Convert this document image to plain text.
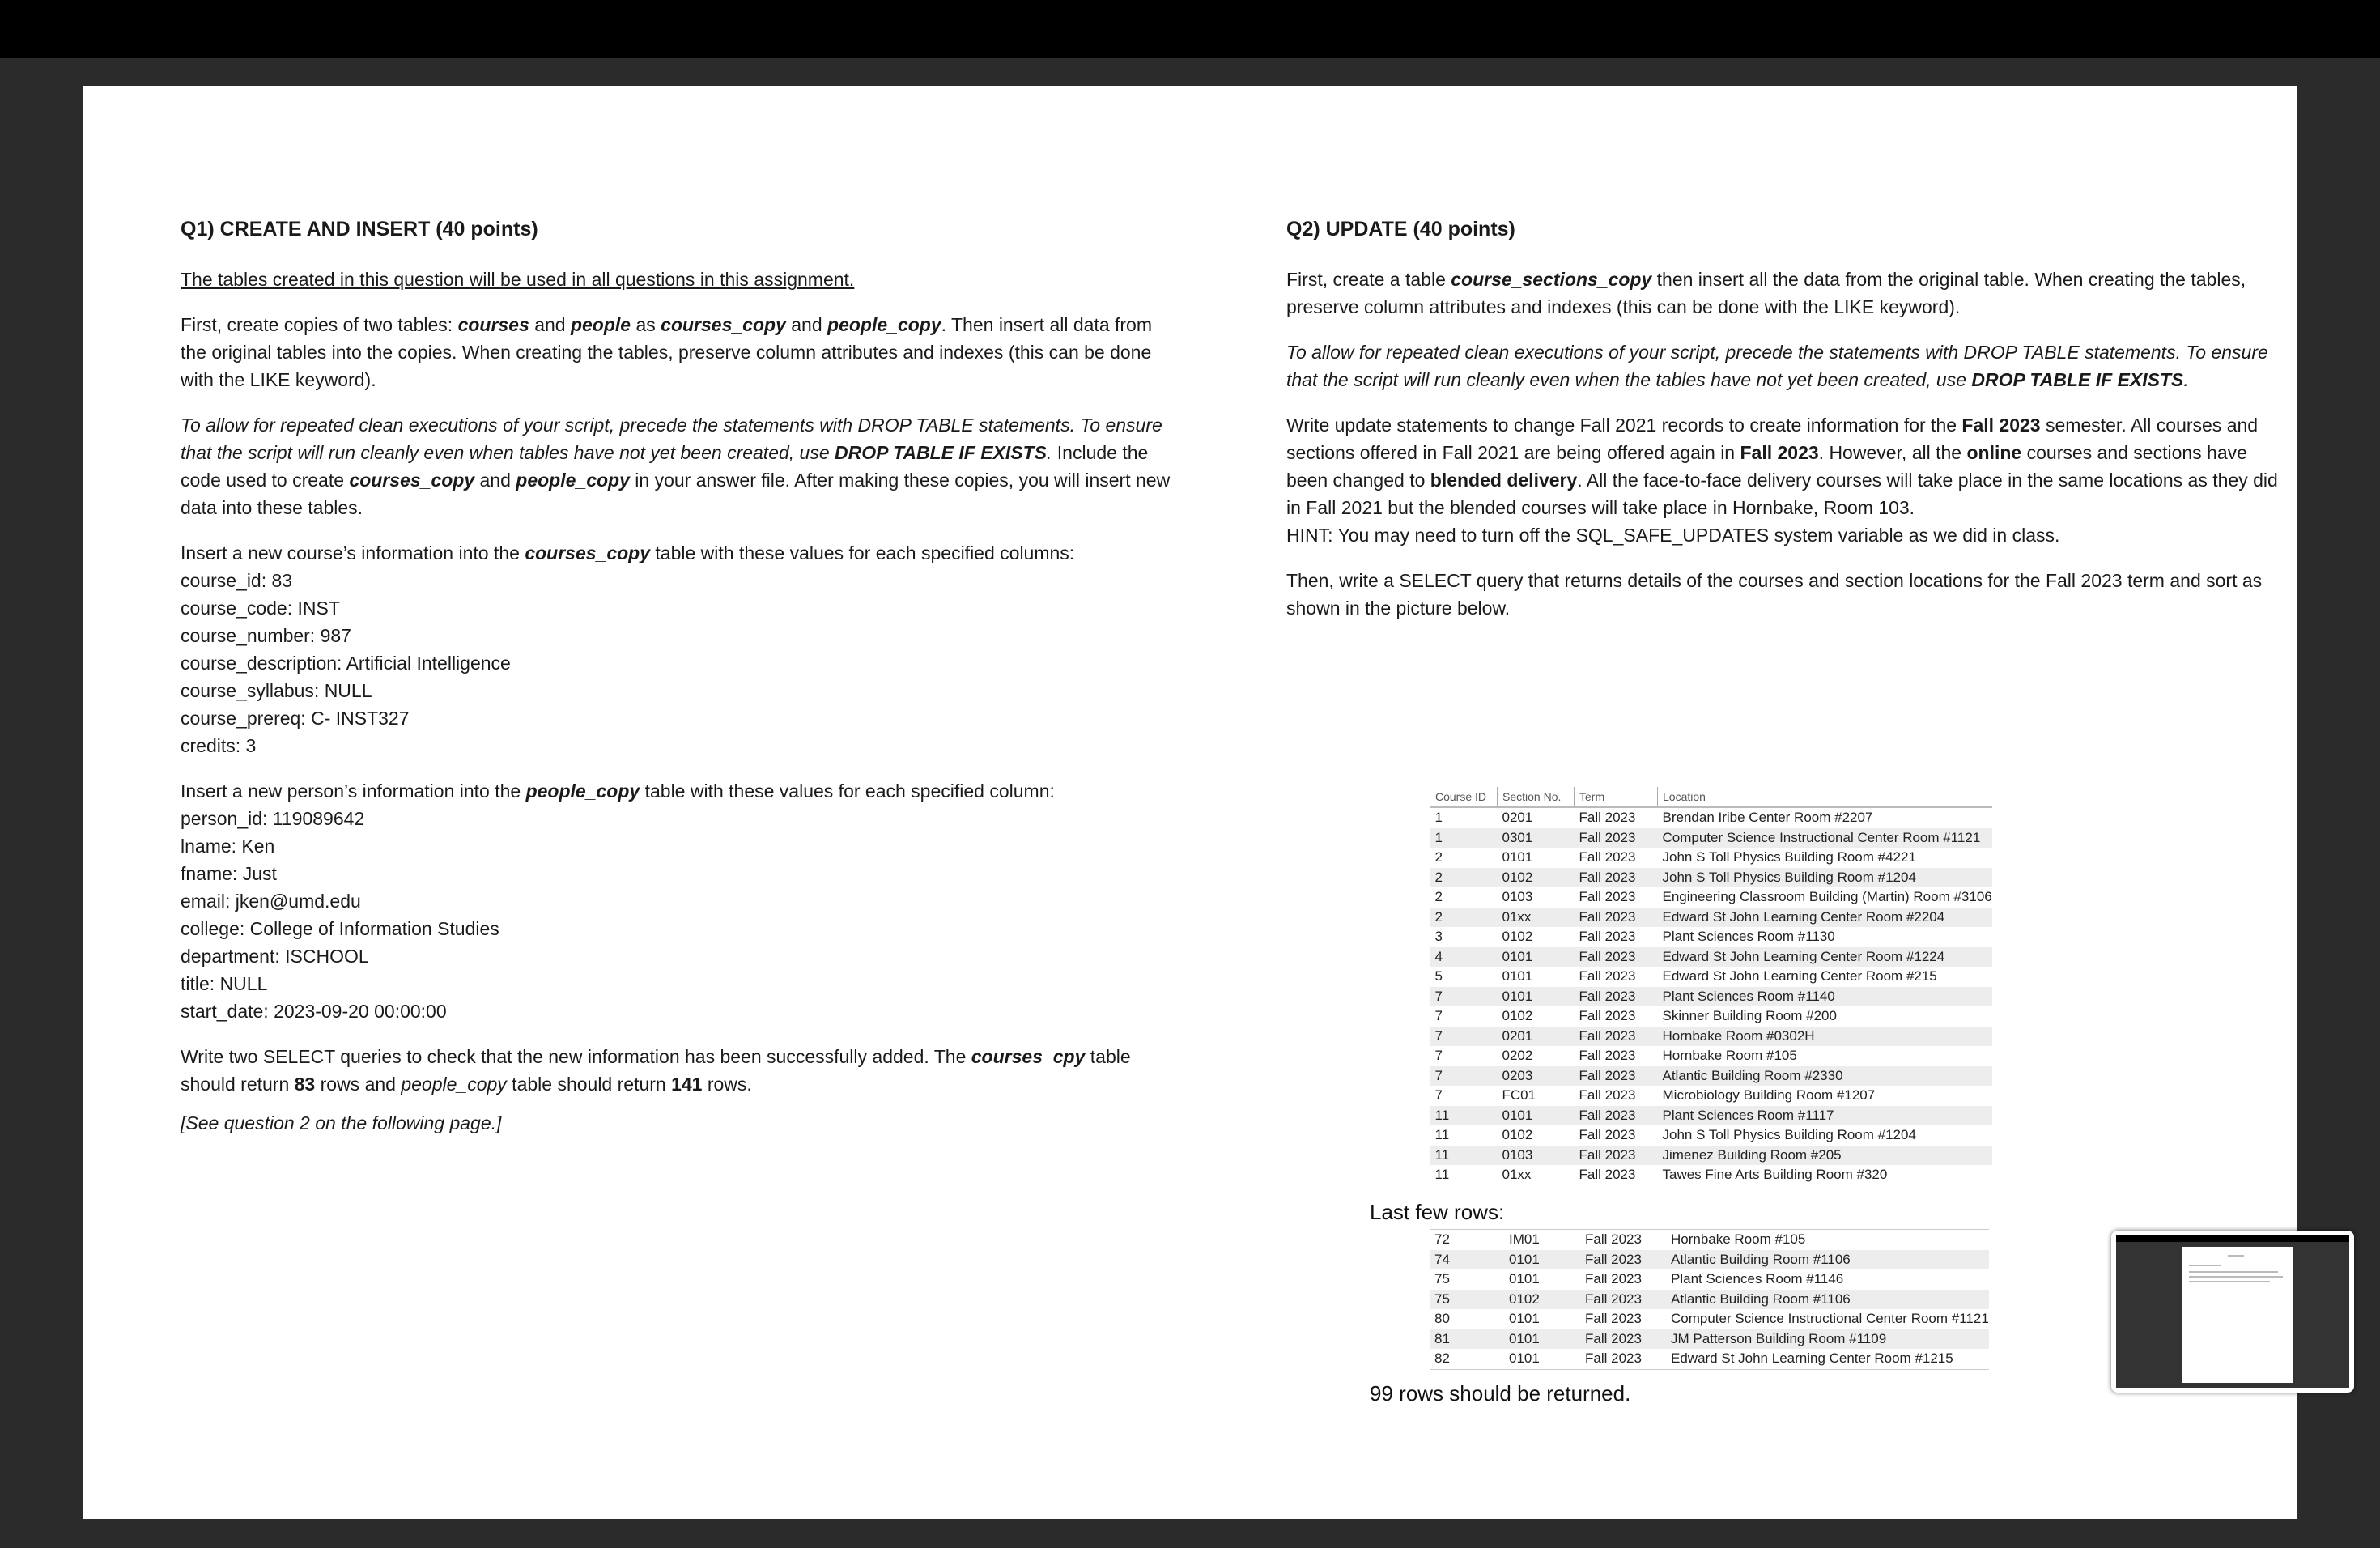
Q1) CREATE AND INSERT (40 points)

The tables created in this question will be used in all questions in this assignment.

First, create copies of two tables: courses and people as courses_copy and people_copy. Then insert all data from the original tables into the copies. When creating the tables, preserve column attributes and indexes (this can be done with the LIKE keyword).

To allow for repeated clean executions of your script, precede the statements with DROP TABLE statements. To ensure that the script will run cleanly even when tables have not yet been created, use DROP TABLE IF EXISTS. Include the code used to create courses_copy and people_copy in your answer file. After making these copies, you will insert new data into these tables.

Insert a new course’s information into the courses_copy table with these values for each specified columns:

course_id: 83

course_code: INST

course_number: 987

course_description: Artificial Intelligence

course_syllabus: NULL

course_prereq: C- INST327

credits: 3

Insert a new person’s information into the people_copy table with these values for each specified column:

person_id: 119089642

lname: Ken

fname: Just

email: jken@umd.edu

college: College of Information Studies

department: ISCHOOL

title: NULL

start_date: 2023-09-20 00:00:00

Write two SELECT queries to check that the new information has been successfully added. The courses_cpy table should return 83 rows and people_copy table should return 141 rows.

[See question 2 on the following page.]

Q2) UPDATE (40 points)

First, create a table course_sections_copy then insert all the data from the original table. When creating the tables, preserve column attributes and indexes (this can be done with the LIKE keyword).

To allow for repeated clean executions of your script, precede the statements with DROP TABLE statements. To ensure that the script will run cleanly even when the tables have not yet been created, use DROP TABLE IF EXISTS.

Write update statements to change Fall 2021 records to create information for the Fall 2023 semester. All courses and sections offered in Fall 2021 are being offered again in Fall 2023. However, all the online courses and sections have been changed to blended delivery. All the face-to-face delivery courses will take place in the same locations as they did in Fall 2021 but the blended courses will take place in Hornbake, Room 103.

HINT: You may need to turn off the SQL_SAFE_UPDATES system variable as we did in class.

Then, write a SELECT query that returns details of the courses and section locations for the Fall 2023 term and sort as shown in the picture below.

Course ID	Section No.	Term	Location
1	0201	Fall 2023	Brendan Iribe Center Room #2207
1	0301	Fall 2023	Computer Science Instructional Center Room #1121
2	0101	Fall 2023	John S Toll Physics Building Room #4221
2	0102	Fall 2023	John S Toll Physics Building Room #1204
2	0103	Fall 2023	Engineering Classroom Building (Martin) Room #3106
2	01xx	Fall 2023	Edward St John Learning Center Room #2204
3	0102	Fall 2023	Plant Sciences Room #1130
4	0101	Fall 2023	Edward St John Learning Center Room #1224
5	0101	Fall 2023	Edward St John Learning Center Room #215
7	0101	Fall 2023	Plant Sciences Room #1140
7	0102	Fall 2023	Skinner Building Room #200
7	0201	Fall 2023	Hornbake Room #0302H
7	0202	Fall 2023	Hornbake Room #105
7	0203	Fall 2023	Atlantic Building Room #2330
7	FC01	Fall 2023	Microbiology Building Room #1207
11	0101	Fall 2023	Plant Sciences Room #1117
11	0102	Fall 2023	John S Toll Physics Building Room #1204
11	0103	Fall 2023	Jimenez Building Room #205
11	01xx	Fall 2023	Tawes Fine Arts Building Room #320
Last few rows:
72	IM01	Fall 2023	Hornbake Room #105
74	0101	Fall 2023	Atlantic Building Room #1106
75	0101	Fall 2023	Plant Sciences Room #1146
75	0102	Fall 2023	Atlantic Building Room #1106
80	0101	Fall 2023	Computer Science Instructional Center Room #1121
81	0101	Fall 2023	JM Patterson Building Room #1109
82	0101	Fall 2023	Edward St John Learning Center Room #1215
99 rows should be returned.
